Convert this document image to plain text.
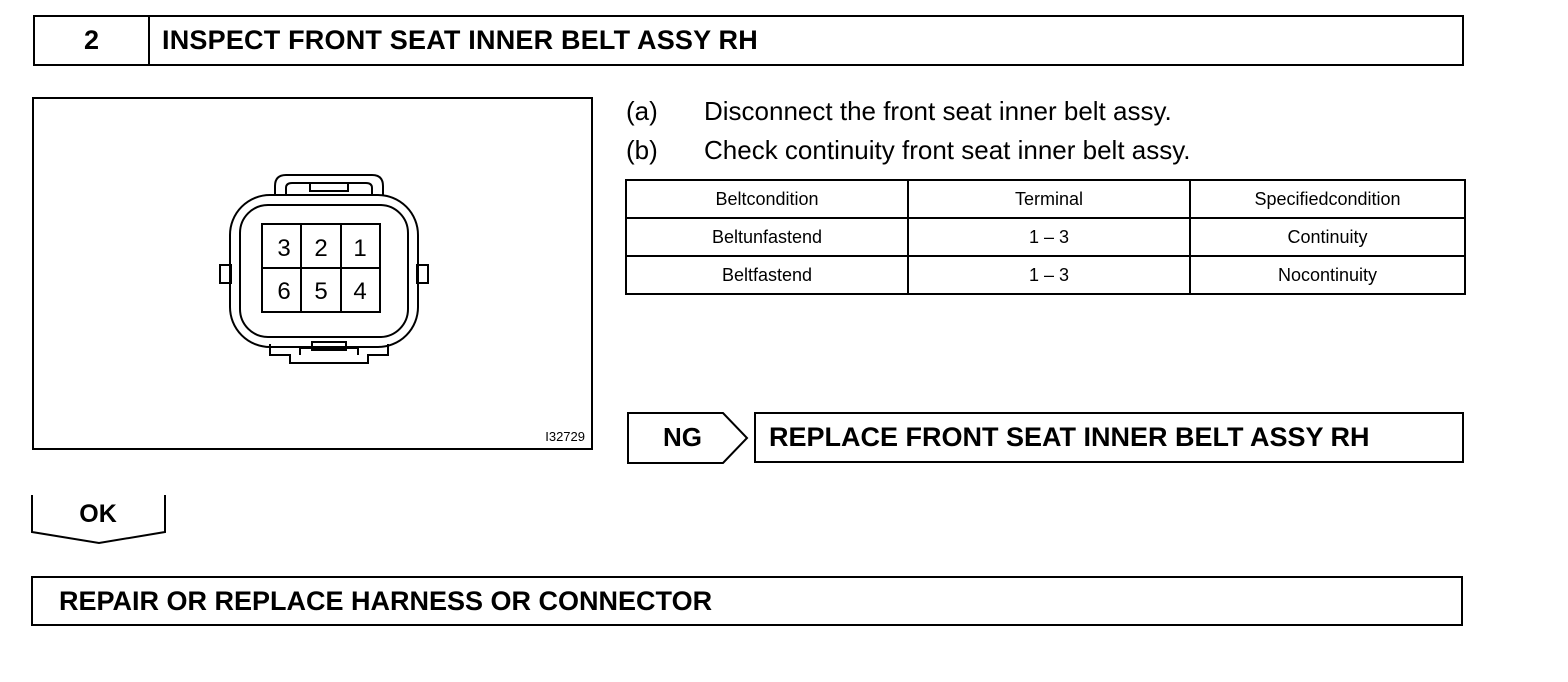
2	INSPECT FRONT SEAT INNER BELT ASSY RH
3 2 1
6 5 4
I32729
(a) Disconnect the front seat inner belt assy.
(b) Check continuity front seat inner belt assy.
Beltcondition	Terminal	Specifiedcondition
Beltunfastend	1 – 3	Continuity
Beltfastend	1 – 3	Nocontinuity
NG	REPLACE FRONT SEAT INNER BELT ASSY RH
OK
REPAIR OR REPLACE HARNESS OR CONNECTOR
